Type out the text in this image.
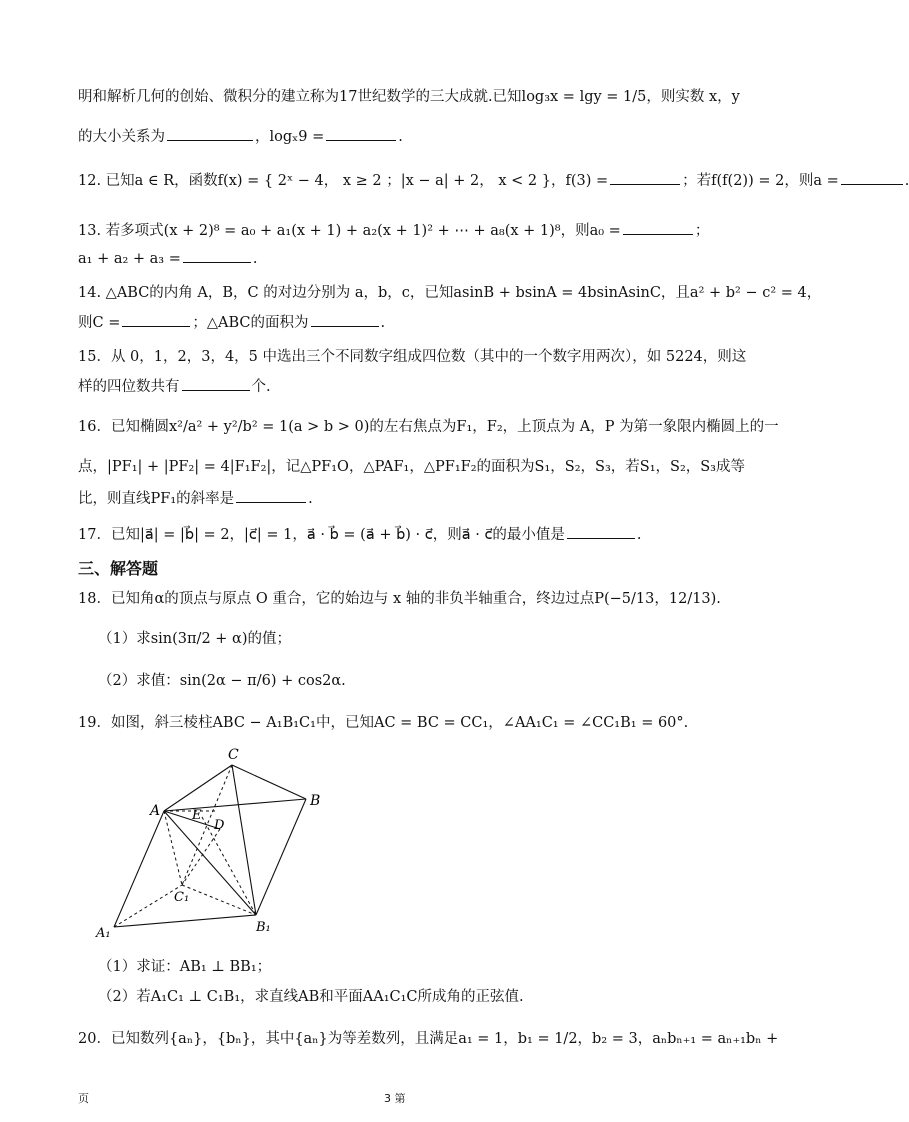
明和解析几何的创始、微积分的建立称为17世纪数学的三大成就.已知log₃x = lgy = 1/5，则实数 x，y
的大小关系为	，logₓ9 =	.
12. 已知a ∈ R，函数f(x) = { 2ˣ − 4， x ≥ 2 ；|x − a| + 2， x < 2 }，f(3) =	；若f(f(2)) = 2，则a =	.
13. 若多项式(x + 2)⁸ = a₀ + a₁(x + 1) + a₂(x + 1)² + ⋯ + a₈(x + 1)⁸，则a₀ =	；
a₁ + a₂ + a₃ =	.
14. △ABC的内角 A，B，C 的对边分别为 a，b，c，已知asinB + bsinA = 4bsinAsinC，且a² + b² − c² = 4，
则C =	；△ABC的面积为	.
15．从 0，1，2，3，4，5 中选出三个不同数字组成四位数（其中的一个数字用两次），如 5224，则这
样的四位数共有	个.
16．已知椭圆x²/a² + y²/b² = 1(a > b > 0)的左右焦点为F₁，F₂，上顶点为 A，P 为第一象限内椭圆上的一
点，|PF₁| + |PF₂| = 4|F₁F₂|，记△PF₁O，△PAF₁，△PF₁F₂的面积为S₁，S₂，S₃，若S₁，S₂，S₃成等
比，则直线PF₁的斜率是	.
17．已知|a⃗| = |b⃗| = 2，|c⃗| = 1，a⃗ · b⃗ = (a⃗ + b⃗) · c⃗，则a⃗ · c⃗的最小值是	.
三、解答题
18．已知角α的顶点与原点 O 重合，它的始边与 x 轴的非负半轴重合，终边过点P(−5/13，12/13).
（1）求sin(3π/2 + α)的值；
（2）求值：sin(2α − π/6) + cos2α.
19．如图，斜三棱柱ABC − A₁B₁C₁中，已知AC = BC = CC₁，∠AA₁C₁ = ∠CC₁B₁ = 60°.
C
A
B
E
D
C₁
A₁	B₁
（1）求证：AB₁ ⊥ BB₁；
（2）若A₁C₁ ⊥ C₁B₁，求直线AB和平面AA₁C₁C所成角的正弦值.
20．已知数列{aₙ}，{bₙ}，其中{aₙ}为等差数列，且满足a₁ = 1，b₁ = 1/2，b₂ = 3，aₙbₙ₊₁ = aₙ₊₁bₙ +
页	3 第
